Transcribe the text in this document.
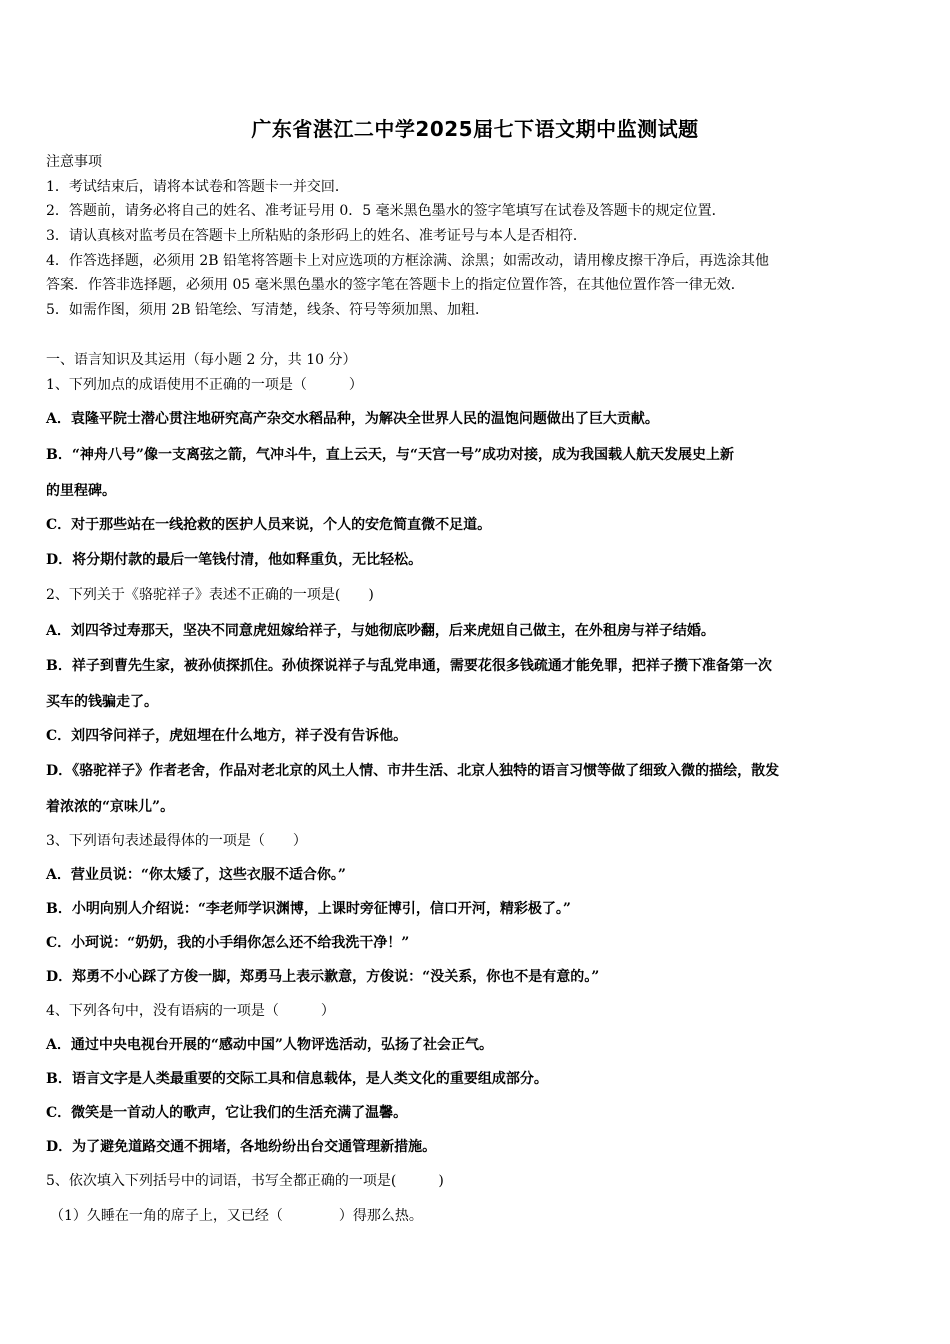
广东省湛江二中学2025届七下语文期中监测试题
注意事项
1．考试结束后，请将本试卷和答题卡一并交回．
2．答题前，请务必将自己的姓名、准考证号用 0．5 毫米黑色墨水的签字笔填写在试卷及答题卡的规定位置．
3．请认真核对监考员在答题卡上所粘贴的条形码上的姓名、准考证号与本人是否相符．
4．作答选择题，必须用 2B 铅笔将答题卡上对应选项的方框涂满、涂黑；如需改动，请用橡皮擦干净后，再选涂其他
答案．作答非选择题，必须用 05 毫米黑色墨水的签字笔在答题卡上的指定位置作答，在其他位置作答一律无效．
5．如需作图，须用 2B 铅笔绘、写清楚，线条、符号等须加黑、加粗．
一、语言知识及其运用（每小题 2 分，共 10 分）
1、下列加点的成语使用不正确的一项是（　　　）
A．袁隆平院士潜心贯注地研究高产杂交水稻品种，为解决全世界人民的温饱问题做出了巨大贡献。
B．“神舟八号”像一支离弦之箭，气冲斗牛，直上云天，与“天宫一号”成功对接，成为我国载人航天发展史上新
的里程碑。
C．对于那些站在一线抢救的医护人员来说，个人的安危简直微不足道。
D．将分期付款的最后一笔钱付清，他如释重负，无比轻松。
2、下列关于《骆驼祥子》表述不正确的一项是(　　)
A．刘四爷过寿那天，坚决不同意虎妞嫁给祥子，与她彻底吵翻，后来虎妞自己做主，在外租房与祥子结婚。
B．祥子到曹先生家，被孙侦探抓住。孙侦探说祥子与乱党串通，需要花很多钱疏通才能免罪，把祥子攒下准备第一次
买车的钱骗走了。
C．刘四爷问祥子，虎妞埋在什么地方，祥子没有告诉他。
D．《骆驼祥子》作者老舍，作品对老北京的风土人情、市井生活、北京人独特的语言习惯等做了细致入微的描绘，散发
着浓浓的“京味儿”。
3、下列语句表述最得体的一项是（　　）
A．营业员说：“你太矮了，这些衣服不适合你。”
B．小明向别人介绍说：“李老师学识渊博，上课时旁征博引，信口开河，精彩极了。”
C．小珂说：“奶奶，我的小手绢你怎么还不给我洗干净！”
D．郑勇不小心踩了方俊一脚，郑勇马上表示歉意，方俊说：“没关系，你也不是有意的。”
4、下列各句中，没有语病的一项是（　　　）
A．通过中央电视台开展的“感动中国”人物评选活动，弘扬了社会正气。
B．语言文字是人类最重要的交际工具和信息载体，是人类文化的重要组成部分。
C．微笑是一首动人的歌声，它让我们的生活充满了温馨。
D．为了避免道路交通不拥堵，各地纷纷出台交通管理新措施。
5、依次填入下列括号中的词语，书写全都正确的一项是(　　　)
（1）久睡在一角的席子上，又已经（　　　　）得那么热。
